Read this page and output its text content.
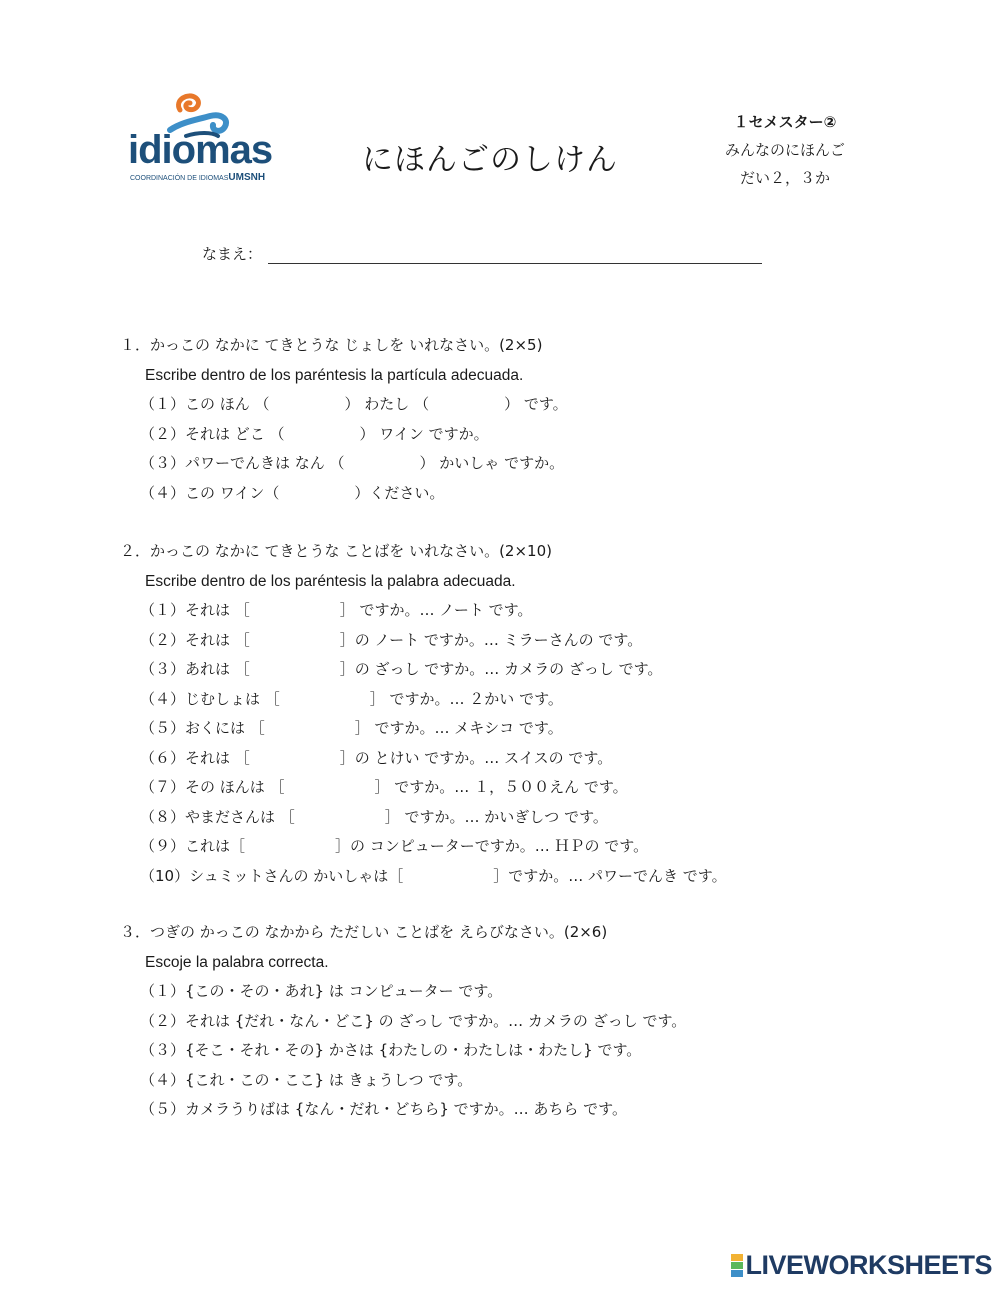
idiomas
COORDINACIÓN DE IDIOMASUMSNH	にほんごのしけん
１セメスター②
みんなのにほんご
だい２，３か
なまえ：
１．かっこの なかに てきとうな じょしを いれなさい。(2×5)
Escribe dentro de los paréntesis la partícula adecuada.
（１）この ほん （　　　　　） わたし （　　　　　） です。
（２）それは どこ （　　　　　） ワイン ですか。
（３）パワーでんきは なん （　　　　　） かいしゃ ですか。
（４）この ワイン（　　　　　）ください。
２．かっこの なかに てきとうな ことばを いれなさい。(2×10)
Escribe dentro de los paréntesis la palabra adecuada.
（１）それは ［　　　　　　］ ですか。… ノート です。
（２）それは ［　　　　　　］の ノート ですか。… ミラーさんの です。
（３）あれは ［　　　　　　］の ざっし ですか。… カメラの ざっし です。
（４）じむしょは ［　　　　　　］ ですか。… ２かい です。
（５）おくには ［　　　　　　］ ですか。… メキシコ です。
（６）それは ［　　　　　　］の とけい ですか。… スイスの です。
（７）その ほんは ［　　　　　　］ ですか。… １，５００えん です。
（８）やまださんは ［　　　　　　］ ですか。… かいぎしつ です。
（９）これは［　　　　　　］の コンピューターですか。… ＨＰの です。
（10）シュミットさんの かいしゃは［　　　　　　］ですか。… パワーでんき です。
３．つぎの かっこの なかから ただしい ことばを えらびなさい。(2×6)
Escoje la palabra correcta.
（１）{この・その・あれ} は コンピューター です。
（２）それは {だれ・なん・どこ} の ざっし ですか。… カメラの ざっし です。
（３）{そこ・それ・その} かさは {わたしの・わたしは・わたし} です。
（４）{これ・この・ここ} は きょうしつ です。
（５）カメラうりばは {なん・だれ・どちら} ですか。… あちら です。
LIVEWORKSHEETS
